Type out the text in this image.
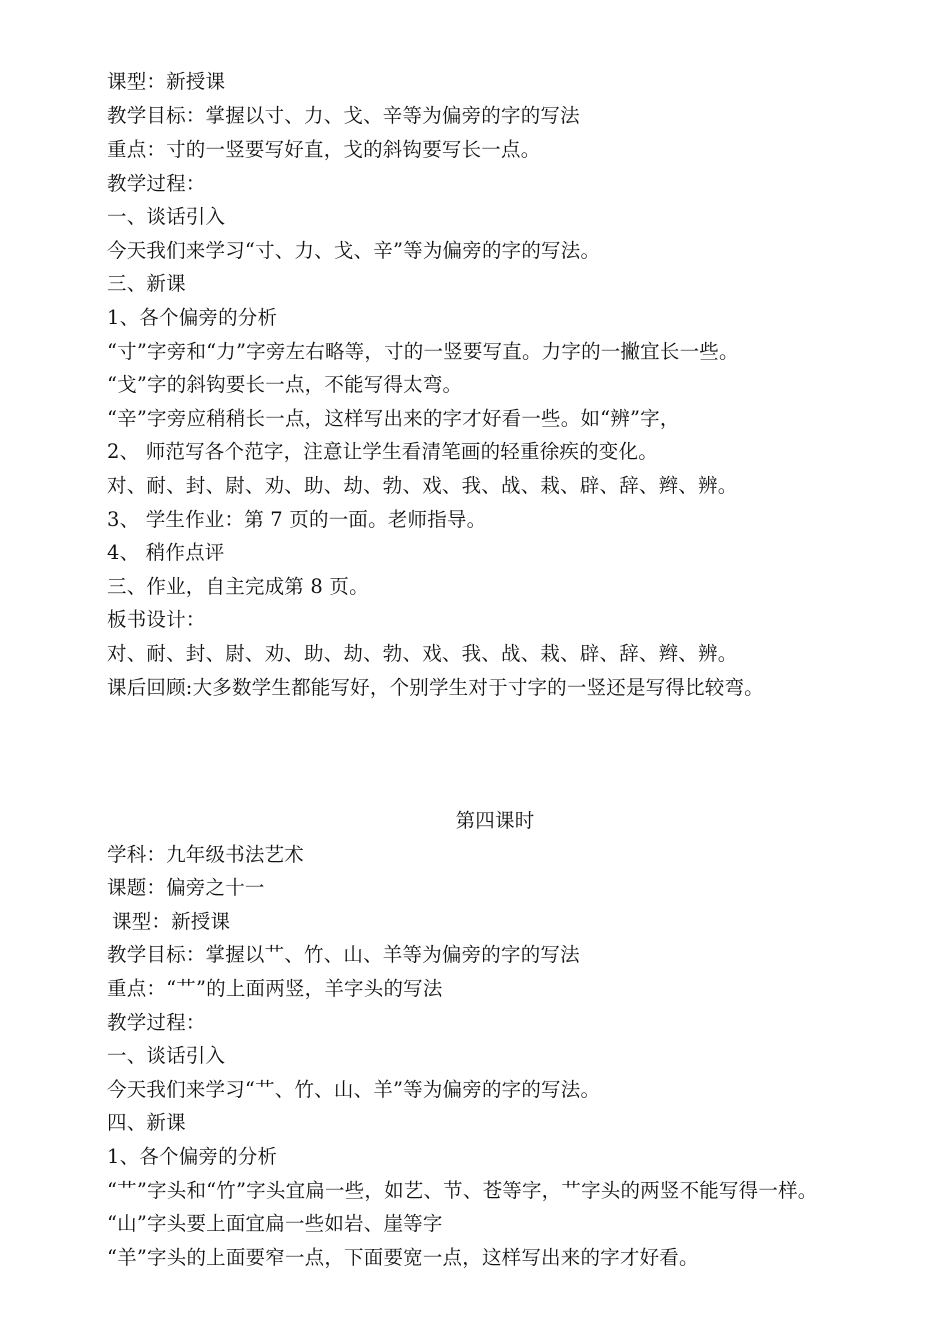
课型：新授课
教学目标：掌握以寸、力、戈、辛等为偏旁的字的写法
重点：寸的一竖要写好直，戈的斜钩要写长一点。
教学过程：
一、谈话引入
今天我们来学习“寸、力、戈、辛”等为偏旁的字的写法。
三、新课
1、各个偏旁的分析
“寸”字旁和“力”字旁左右略等，寸的一竖要写直。力字的一撇宜长一些。
“戈”字的斜钩要长一点，不能写得太弯。
“辛”字旁应稍稍长一点，这样写出来的字才好看一些。如“辨”字，
2、 师范写各个范字，注意让学生看清笔画的轻重徐疾的变化。
对、耐、封、尉、劝、助、劫、勃、戏、我、战、栽、辟、辞、辫、辨。
3、 学生作业：第 7 页的一面。老师指导。
4、 稍作点评
三、作业，自主完成第 8 页。
板书设计：
对、耐、封、尉、劝、助、劫、勃、戏、我、战、栽、辟、辞、辫、辨。
课后回顾:大多数学生都能写好，个别学生对于寸字的一竖还是写得比较弯。
第四课时
学科：九年级书法艺术
课题：偏旁之十一
课型：新授课
教学目标：掌握以艹、竹、山、羊等为偏旁的字的写法
重点：“艹”的上面两竖，羊字头的写法
教学过程：
一、谈话引入
今天我们来学习“艹、竹、山、羊”等为偏旁的字的写法。
四、新课
1、各个偏旁的分析
“艹”字头和“竹”字头宜扁一些，如艺、节、苍等字，艹字头的两竖不能写得一样。
“山”字头要上面宜扁一些如岩、崖等字
“羊”字头的上面要窄一点，下面要宽一点，这样写出来的字才好看。
